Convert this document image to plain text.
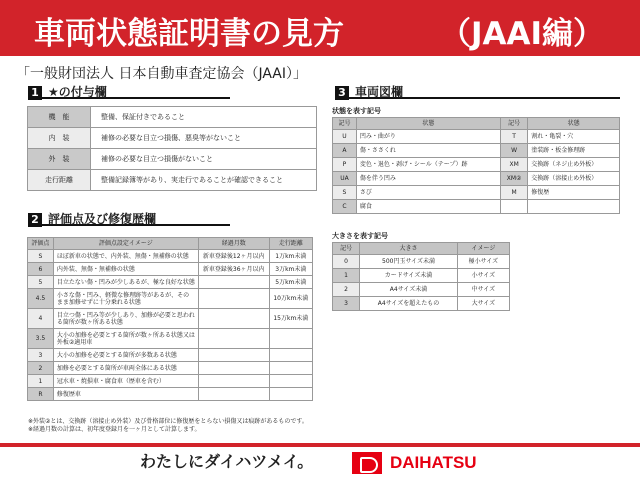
車両状態証明書の見方	（JAAI編）
「一般財団法人 日本自動車査定協会（JAAI）」
1 ★の付与欄
機　能	整備、保証付きであること
内　装	補修の必要な目立つ損傷、悪臭等がないこと
外　装	補修の必要な目立つ損傷がないこと
走行距離	整備記録簿等があり、実走行であることが確認できること
2 評価点及び修復歴欄
評価点	評価点設定イメージ	経過月数	走行距離
S	ほぼ新車の状態で、内外装、無傷・無補修の状態	新車登録後12ヶ月以内	1万km未満
6	内外装、無傷・無補修の状態	新車登録後36ヶ月以内	3万km未満
5	目立たない傷・凹みが少しあるが、極な良好な状態		5万km未満
4.5	小さな傷・凹み、軽微な修理跡等があるが、そのまま加修せずに十分乗れる状態		10万km未満
4	目立つ傷・凹み等が少しあり、加修が必要と思われる箇所が数ヶ所ある状態		15万km未満
3.5	大小の加修を必要とする箇所が数ヶ所ある状態又は外板②適用車		
3	大小の加修を必要とする箇所が多数ある状態		
2	加修を必要とする箇所が車両全体にある状態		
1	冠水車・焼損車・腐食車（歴車を含む）		
R	修復歴車		
3 車両図欄
状態を表す記号
記号	状態	記号	状態
U	凹み・曲がり	T	割れ・亀裂・穴
A	傷・ささくれ	W	塗装跡・板金修理跡
P	変色・退色・剥げ・シール（テープ）跡	XM	交換跡（ネジ止め外板）
UA	傷を伴う凹み	XM②	交換跡（溶接止め外板）
S	さび	M	修復歴
C	腐食		
大きさを表す記号
記号	大きさ	イメージ
0	500円玉サイズ未満	極小サイズ
1	カードサイズ未満	小サイズ
2	A4サイズ未満	中サイズ
3	A4サイズを超えたもの	大サイズ
※外装②とは、交換跡（溶接止め外装）及び骨格部位に修復歴をとらない損傷又は痕跡があるものです。
※経過月数の計算は、初年度登録月を一ヶ月として計算します。
わたしにダイハツメイ。	DAIHATSU
